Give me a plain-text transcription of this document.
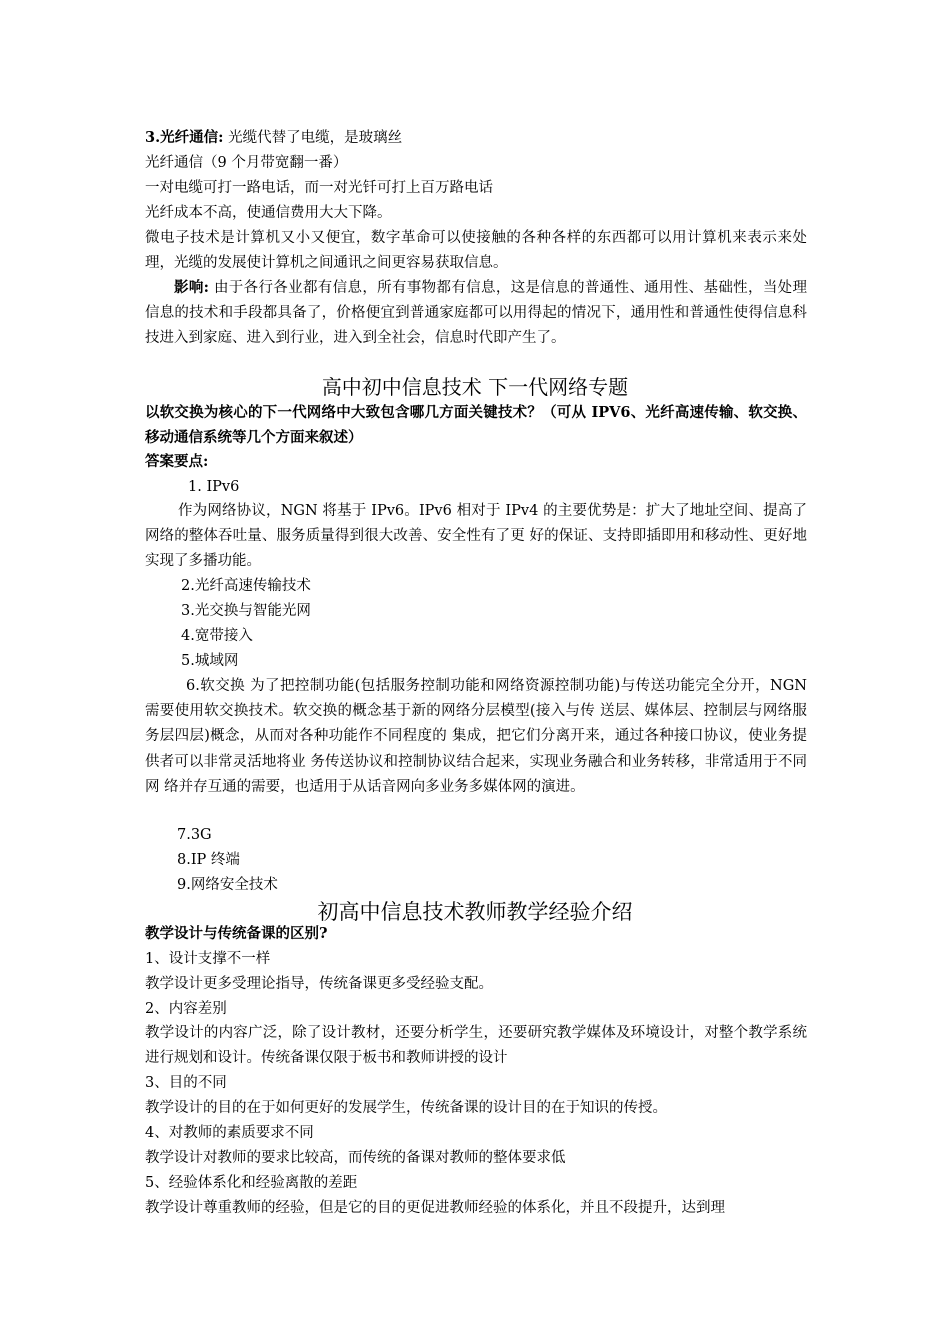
3.光纤通信: 光缆代替了电缆，是玻璃丝
光纤通信（9 个月带宽翻一番）
一对电缆可打一路电话，而一对光钎可打上百万路电话
光纤成本不高，使通信费用大大下降。
微电子技术是计算机又小又便宜，数字革命可以使接触的各种各样的东西都可以用计算机来表示来处理，光缆的发展使计算机之间通讯之间更容易获取信息。
影响: 由于各行各业都有信息，所有事物都有信息，这是信息的普通性、通用性、基础性，当处理信息的技术和手段都具备了，价格便宜到普通家庭都可以用得起的情况下，通用性和普通性使得信息科技进入到家庭、进入到行业，进入到全社会，信息时代即产生了。
高中初中信息技术 下一代网络专题
以软交换为核心的下一代网络中大致包含哪几方面关键技术？（可从 IPV6、光纤高速传输、软交换、移动通信系统等几个方面来叙述）
答案要点:
1. IPv6
作为网络协议，NGN 将基于 IPv6。IPv6 相对于 IPv4 的主要优势是：扩大了地址空间、提高了网络的整体吞吐量、服务质量得到很大改善、安全性有了更 好的保证、支持即插即用和移动性、更好地实现了多播功能。
2.光纤高速传输技术
3.光交换与智能光网
4.宽带接入
5.城域网
6.软交换 为了把控制功能(包括服务控制功能和网络资源控制功能)与传送功能完全分开，NGN 需要使用软交换技术。软交换的概念基于新的网络分层模型(接入与传 送层、媒体层、控制层与网络服务层四层)概念，从而对各种功能作不同程度的 集成，把它们分离开来，通过各种接口协议，使业务提供者可以非常灵活地将业 务传送协议和控制协议结合起来，实现业务融合和业务转移，非常适用于不同网 络并存互通的需要，也适用于从话音网向多业务多媒体网的演进。
7.3G
8.IP 终端
9.网络安全技术
初高中信息技术教师教学经验介绍
教学设计与传统备课的区别?
1、设计支撑不一样
教学设计更多受理论指导，传统备课更多受经验支配。
2、内容差别
教学设计的内容广泛，除了设计教材，还要分析学生，还要研究教学媒体及环境设计，对整个教学系统进行规划和设计。传统备课仅限于板书和教师讲授的设计
3、目的不同
教学设计的目的在于如何更好的发展学生，传统备课的设计目的在于知识的传授。
4、对教师的素质要求不同
教学设计对教师的要求比较高，而传统的备课对教师的整体要求低
5、经验体系化和经验离散的差距
教学设计尊重教师的经验，但是它的目的更促进教师经验的体系化，并且不段提升，达到理
